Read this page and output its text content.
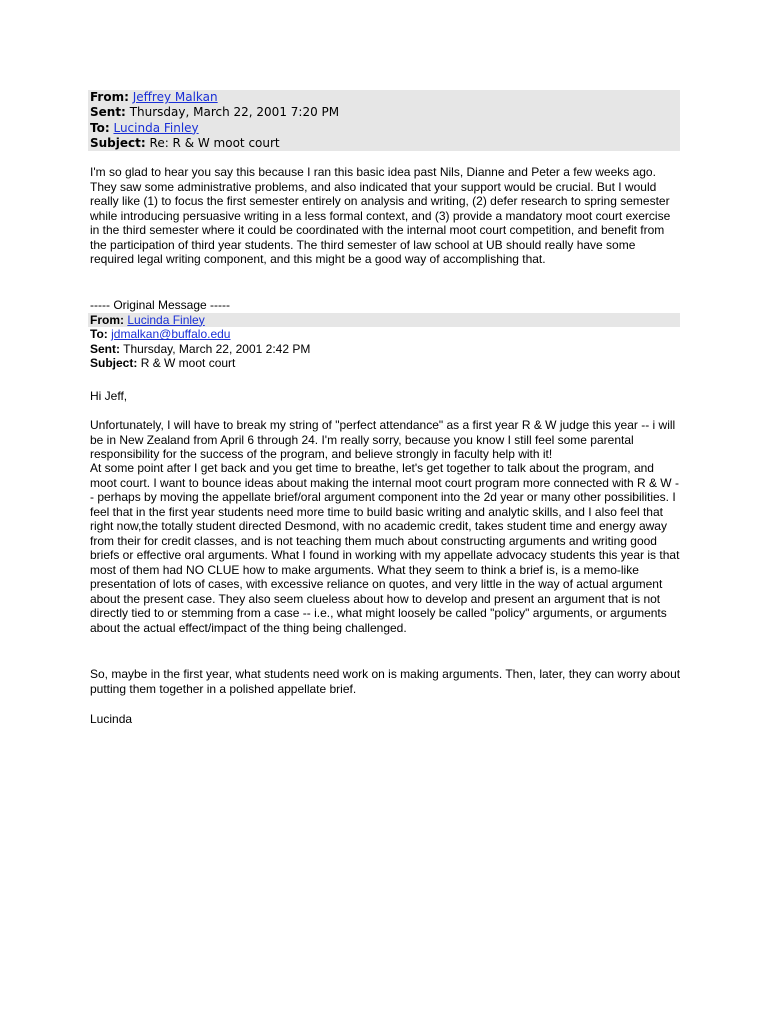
From: Jeffrey Malkan
Sent: Thursday, March 22, 2001 7:20 PM
To: Lucinda Finley
Subject: Re: R & W moot court

I'm so glad to hear you say this because I ran this basic idea past Nils, Dianne and Peter a few weeks ago. They saw some administrative problems, and also indicated that your support would be crucial. But I would really like (1) to focus the first semester entirely on analysis and writing, (2) defer research to spring semester while introducing persuasive writing in a less formal context, and (3) provide a mandatory moot court exercise in the third semester where it could be coordinated with the internal moot court competition, and benefit from the participation of third year students. The third semester of law school at UB should really have some required legal writing component, and this might be a good way of accomplishing that.

----- Original Message -----
From: Lucinda Finley
To: jdmalkan@buffalo.edu
Sent: Thursday, March 22, 2001 2:42 PM
Subject: R & W moot court

Hi Jeff,

Unfortunately, I will have to break my string of "perfect attendance" as a first year R & W judge this year -- i will be in New Zealand from April 6 through 24. I'm really sorry, because you know I still feel some parental responsibility for the success of the program, and believe strongly in faculty help with it!

At some point after I get back and you get time to breathe, let's get together to talk about the program, and moot court. I want to bounce ideas about making the internal moot court program more connected with R & W -- perhaps by moving the appellate brief/oral argument component into the 2d year or many other possibilities. I feel that in the first year students need more time to build basic writing and analytic skills, and I also feel that right now,the totally student directed Desmond, with no academic credit, takes student time and energy away from their for credit classes, and is not teaching them much about constructing arguments and writing good briefs or effective oral arguments. What I found in working with my appellate advocacy students this year is that most of them had NO CLUE how to make arguments. What they seem to think a brief is, is a memo-like presentation of lots of cases, with excessive reliance on quotes, and very little in the way of actual argument about the present case. They also seem clueless about how to develop and present an argument that is not directly tied to or stemming from a case -- i.e., what might loosely be called "policy" arguments, or arguments about the actual effect/impact of the thing being challenged.

So, maybe in the first year, what students need work on is making arguments. Then, later, they can worry about putting them together in a polished appellate brief.

Lucinda
